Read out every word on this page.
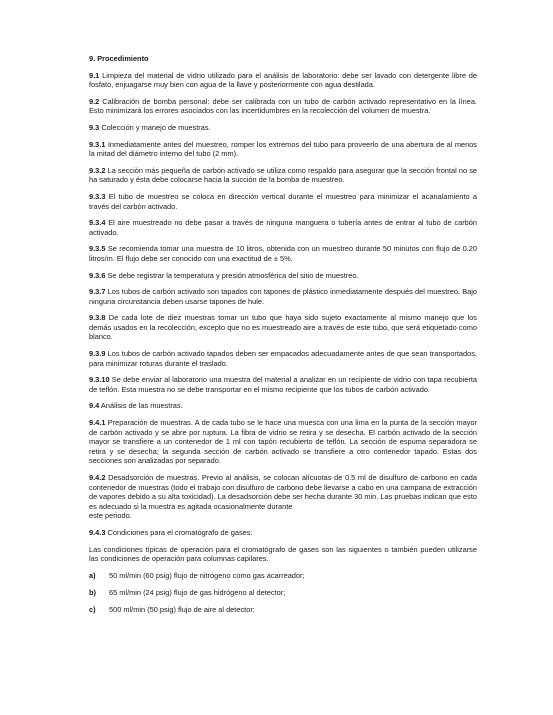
9. Procedimiento
9.1 Limpieza del material de vidrio utilizado para el análisis de laboratorio: debe ser lavado con detergente libre de fosfato, enjuagarse muy bien con agua de la llave y posteriormente con agua destilada.
9.2 Calibración de bomba personal: debe ser calibrada con un tubo de carbón activado representativo en la línea. Esto minimizará los errores asociados con las incertidumbres en la recolección del volumen de muestra.
9.3 Colección y manejo de muestras.
9.3.1 Inmediatamente antes del muestreo, romper los extremos del tubo para proveerlo de una abertura de al menos la mitad del diámetro interno del tubo (2 mm).
9.3.2 La sección más pequeña de carbón activado se utiliza como respaldo para asegurar que la sección frontal no se ha saturado y ésta debe colocarse hacia la succión de la bomba de muestreo.
9.3.3 El tubo de muestreo se coloca en dirección vertical durante el muestreo para minimizar el acanalamiento a través del carbón activado.
9.3.4 El aire muestreado no debe pasar a través de ninguna manguera o tubería antes de entrar al tubo de carbón activado.
9.3.5 Se recomienda tomar una muestra de 10 litros, obtenida con un muestreo durante 50 minutos con flujo de 0.20 litros/m. El flujo debe ser conocido con una exactitud de ± 5%.
9.3.6 Se debe registrar la temperatura y presión atmosférica del sitio de muestreo.
9.3.7 Los tubos de carbón activado son tapados con tapones de plástico inmediatamente después del muestreo. Bajo ninguna circunstancia deben usarse tapones de hule.
9.3.8 De cada lote de diez muestras tomar un tubo que haya sido sujeto exactamente al mismo manejo que los demás usados en la recolección, excepto que no es muestreado aire a través de este tubo, que será etiquetado como blanco.
9.3.9 Los tubos de carbón activado tapados deben ser empacados adecuadamente antes de que sean transportados, para minimizar roturas durante el traslado.
9.3.10 Se debe enviar al laboratorio una muestra del material a analizar en un recipiente de vidrio con tapa recubierta de teflón. Esta muestra no se debe transportar en el mismo recipiente que los tubos de carbón activado.
9.4 Análisis de las muestras.
9.4.1 Preparación de muestras. A de cada tubo se le hace una muesca con una lima en la punta de la sección mayor de carbón activado y se abre por ruptura. La fibra de vidrio se retira y se desecha. El carbón activado de la sección mayor se transfiere a un contenedor de 1 ml con tapón recubierto de teflón. La sección de espuma separadora se retira y se desecha; la segunda sección de carbón activado se transfiere a otro contenedor tapado. Estas dos secciones son analizadas por separado.
9.4.2 Desadsorción de muestras. Previo al análisis, se colocan alícuotas de 0.5 ml de disulfuro de carbono en cada contenedor de muestras (todo el trabajo con disulfuro de carbono debe llevarse a cabo en una campana de extracción de vapores debido a su alta toxicidad). La desadsorción debe ser hecha durante 30 min. Las pruebas indican que esto es adecuado si la muestra es agitada ocasionalmente durante
este periodo.
9.4.3 Condiciones para el cromatógrafo de gases:
Las condiciones típicas de operación para el cromatógrafo de gases son las siguientes o también pueden utilizarse las condiciones de operación para columnas capilares.
a)	50 ml/min (60 psig) flujo de nitrógeno como gas acarreador;
b)	65 ml/min (24 psig) flujo de gas hidrógeno al detector;
c)	500 ml/min (50 psig) flujo de aire al detector;
